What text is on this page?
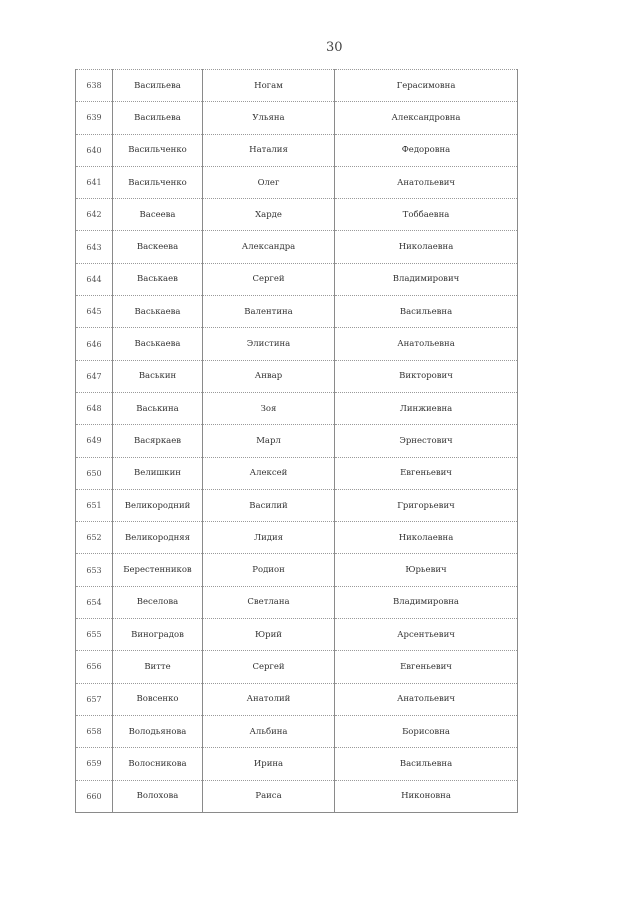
30
638	Васильева	Ногам	Герасимовна
639	Васильева	Ульяна	Александровна
640	Васильченко	Наталия	Федоровна
641	Васильченко	Олег	Анатольевич
642	Васеева	Харде	Тоббаевна
643	Васкеева	Александра	Николаевна
644	Васькаев	Сергей	Владимирович
645	Васькаева	Валентина	Васильевна
646	Васькаева	Элистина	Анатольевна
647	Васькин	Анвар	Викторович
648	Васькина	Зоя	Линжиевна
649	Васяркаев	Марл	Эрнестович
650	Велишкин	Алексей	Евгеньевич
651	Великородний	Василий	Григорьевич
652	Великородняя	Лидия	Николаевна
653	Берестенников	Родион	Юрьевич
654	Веселова	Светлана	Владимировна
655	Виноградов	Юрий	Арсентьевич
656	Витте	Сергей	Евгеньевич
657	Вовсенко	Анатолий	Анатольевич
658	Володьянова	Альбина	Борисовна
659	Волосникова	Ирина	Васильевна
660	Волохова	Раиса	Никоновна
